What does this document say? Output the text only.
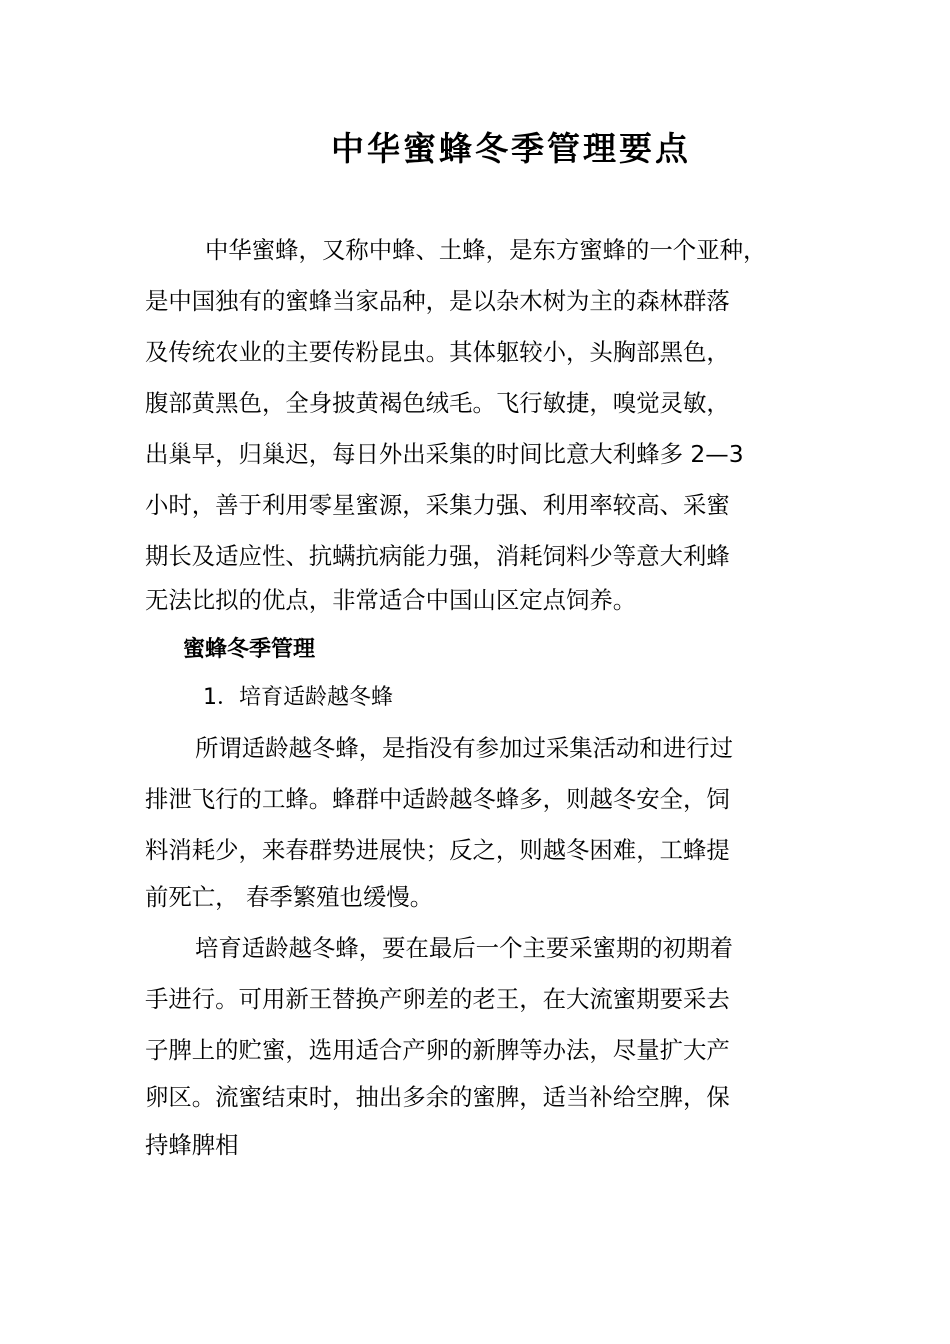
中华蜜蜂冬季管理要点
中华蜜蜂，又称中蜂、土蜂，是东方蜜蜂的一个亚种，
是中国独有的蜜蜂当家品种，是以杂木树为主的森林群落
及传统农业的主要传粉昆虫。其体躯较小，头胸部黑色，
腹部黄黑色，全身披黄褐色绒毛。飞行敏捷，嗅觉灵敏，
出巢早，归巢迟，每日外出采集的时间比意大利蜂多 2—3
小时，善于利用零星蜜源，采集力强、利用率较高、采蜜
期长及适应性、抗螨抗病能力强，消耗饲料少等意大利蜂
无法比拟的优点，非常适合中国山区定点饲养。
蜜蜂冬季管理
1．培育适龄越冬蜂
所谓适龄越冬蜂，是指没有参加过采集活动和进行过
排泄飞行的工蜂。蜂群中适龄越冬蜂多，则越冬安全，饲
料消耗少，来春群势进展快；反之，则越冬困难，工蜂提
前死亡， 春季繁殖也缓慢。
培育适龄越冬蜂，要在最后一个主要采蜜期的初期着
手进行。可用新王替换产卵差的老王，在大流蜜期要采去
子脾上的贮蜜，选用适合产卵的新脾等办法，尽量扩大产
卵区。流蜜结束时，抽出多余的蜜脾，适当补给空脾，保
持蜂脾相
